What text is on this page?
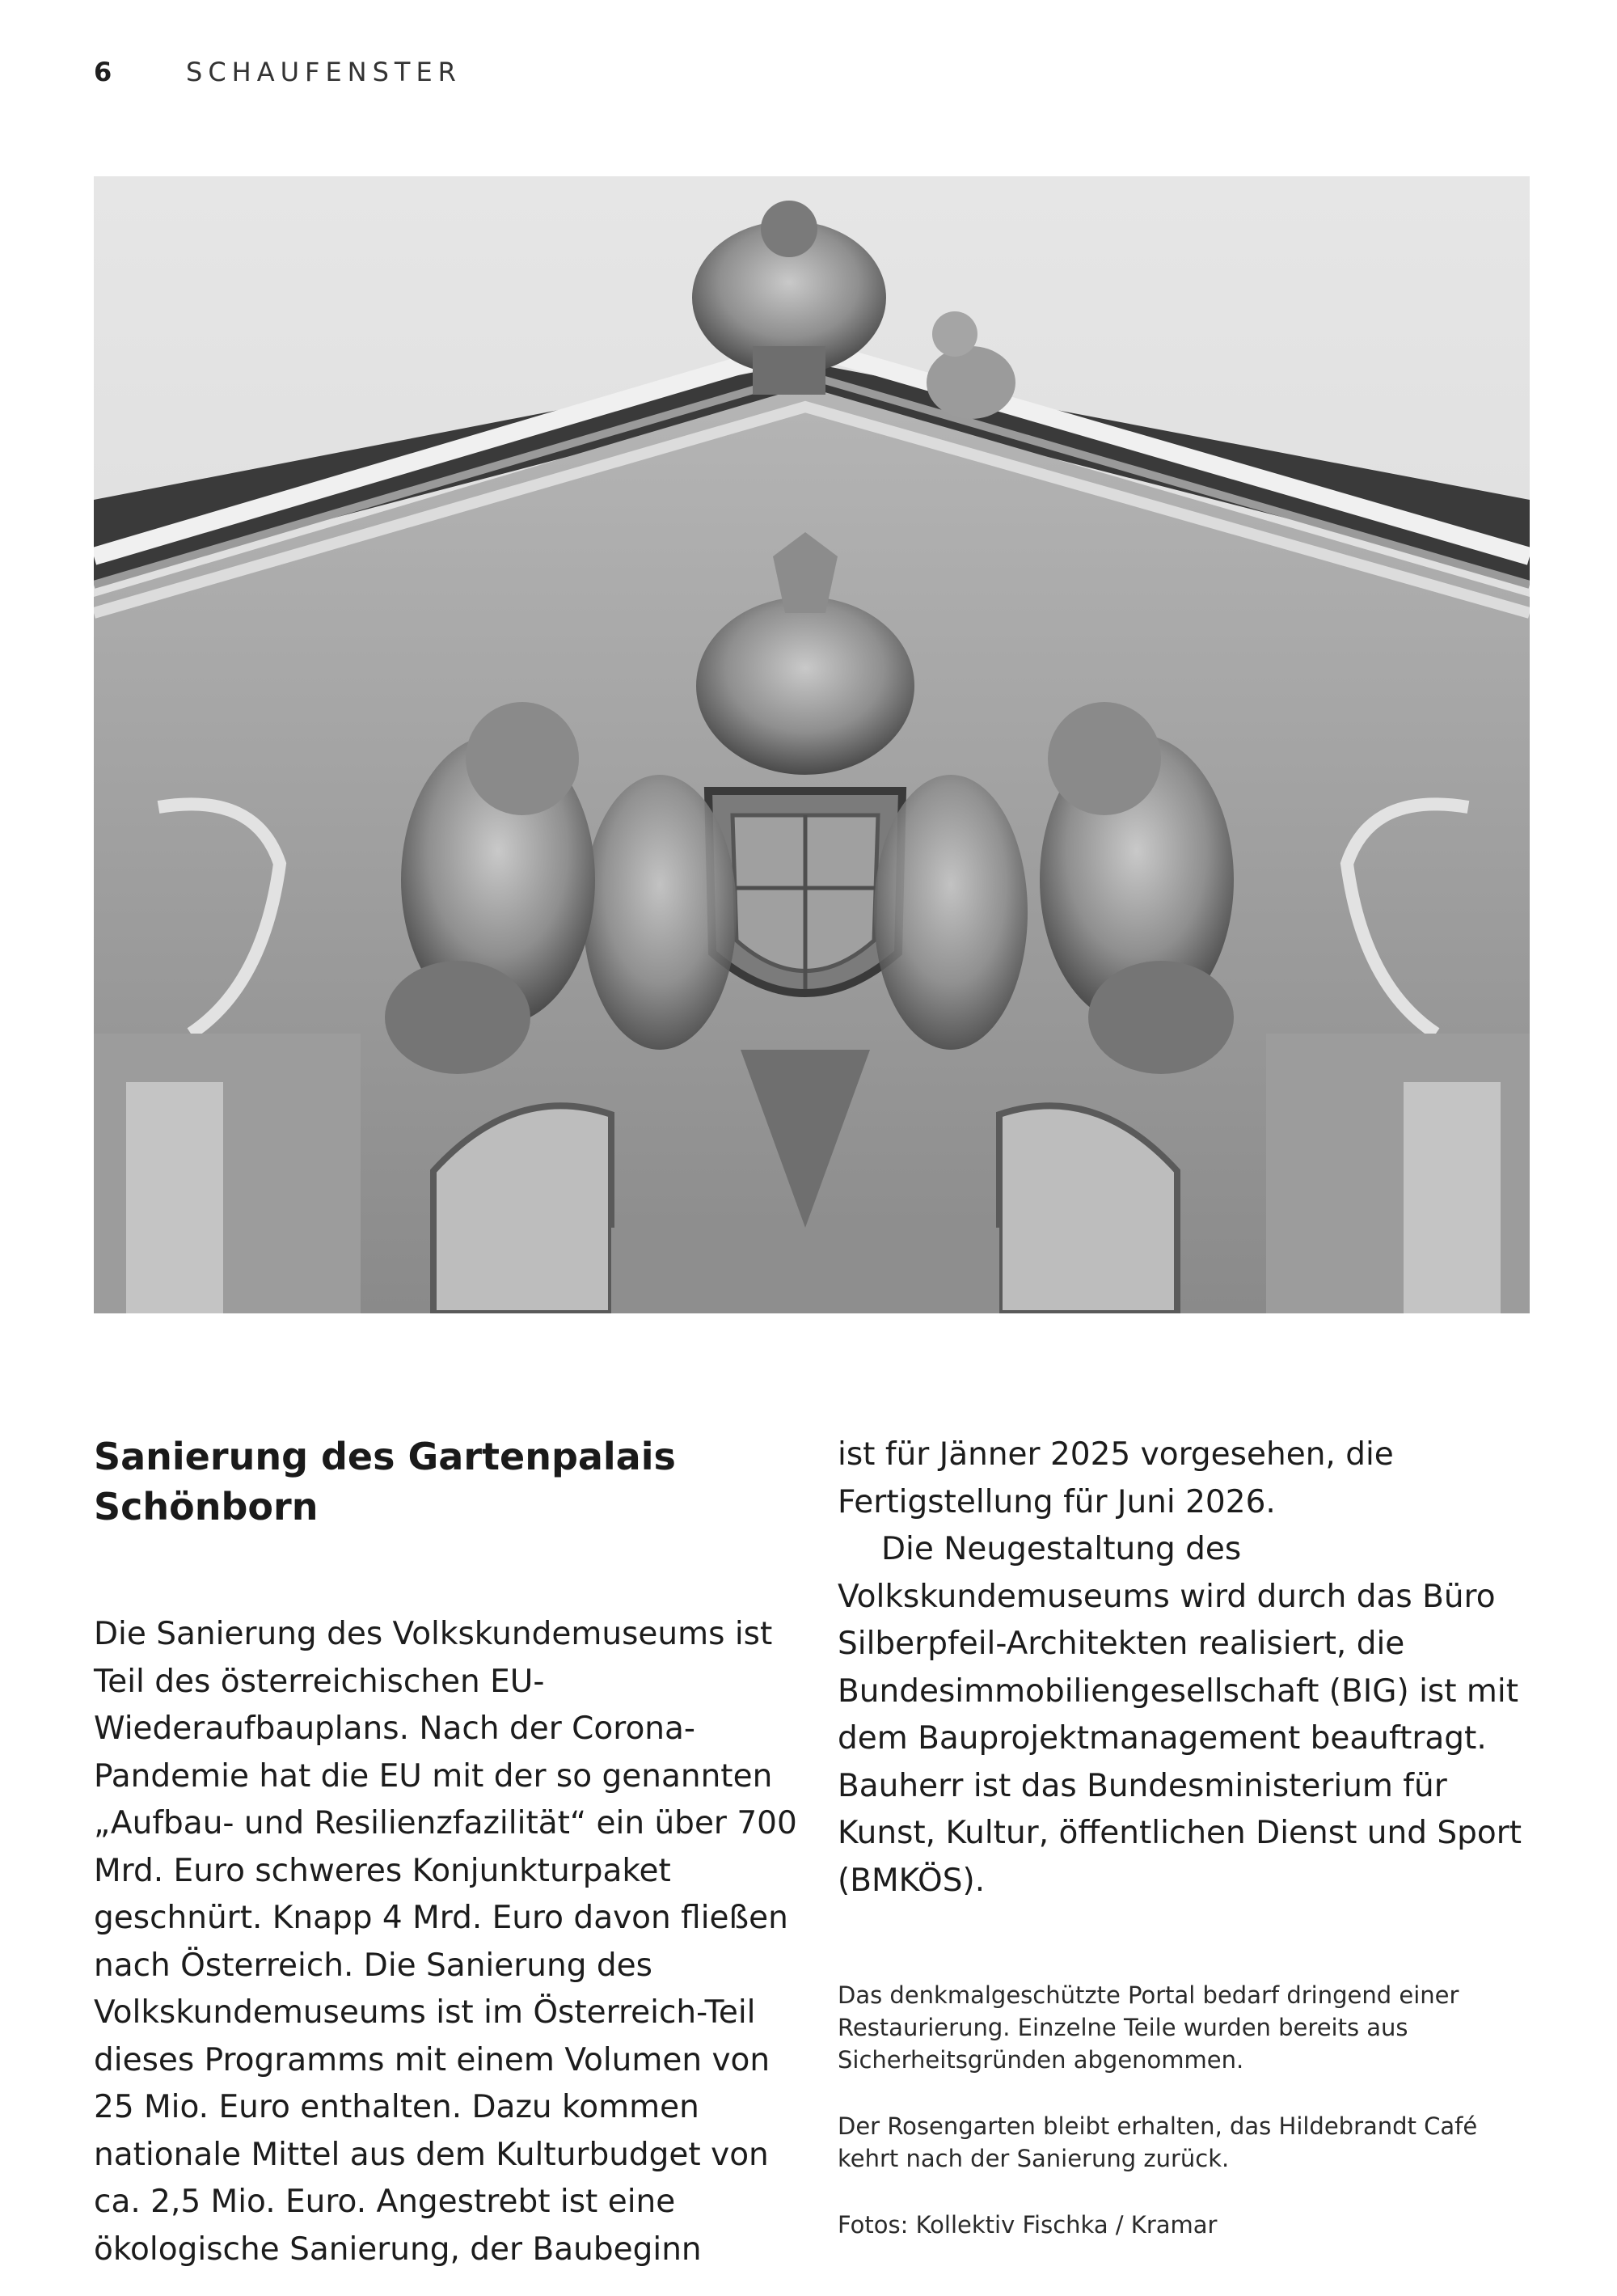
6	SCHAUFENSTER
Sanierung des Gartenpalais
Schönborn

Die Sanierung des Volkskundemuseums ist Teil des österreichischen EU-Wiederaufbauplans. Nach der Corona-Pandemie hat die EU mit der so genannten „Aufbau- und Resilienzfazilität“ ein über 700 Mrd. Euro schweres Konjunkturpaket geschnürt. Knapp 4 Mrd. Euro davon fließen nach Österreich. Die Sanierung des Volkskundemuseums ist im Österreich-Teil dieses Programms mit einem Volumen von 25 Mio. Euro enthalten. Dazu kommen nationale Mittel aus dem Kulturbudget von ca. 2,5 Mio. Euro. Angestrebt ist eine ökologische Sanierung, der Baubeginn

ist für Jänner 2025 vorgesehen, die Fertigstellung für Juni 2026.

Die Neugestaltung des Volkskundemuseums wird durch das Büro Silberpfeil-Architekten realisiert, die Bundesimmobiliengesellschaft (BIG) ist mit dem Bauprojektmanagement beauftragt. Bauherr ist das Bundesministerium für Kunst, Kultur, öffentlichen Dienst und Sport (BMKÖS).

Das denkmalgeschützte Portal bedarf dringend einer Restaurierung. Einzelne Teile wurden bereits aus Sicherheitsgründen abgenommen.

Der Rosengarten bleibt erhalten, das Hildebrandt Café kehrt nach der Sanierung zurück.

Fotos: Kollektiv Fischka / Kramar
